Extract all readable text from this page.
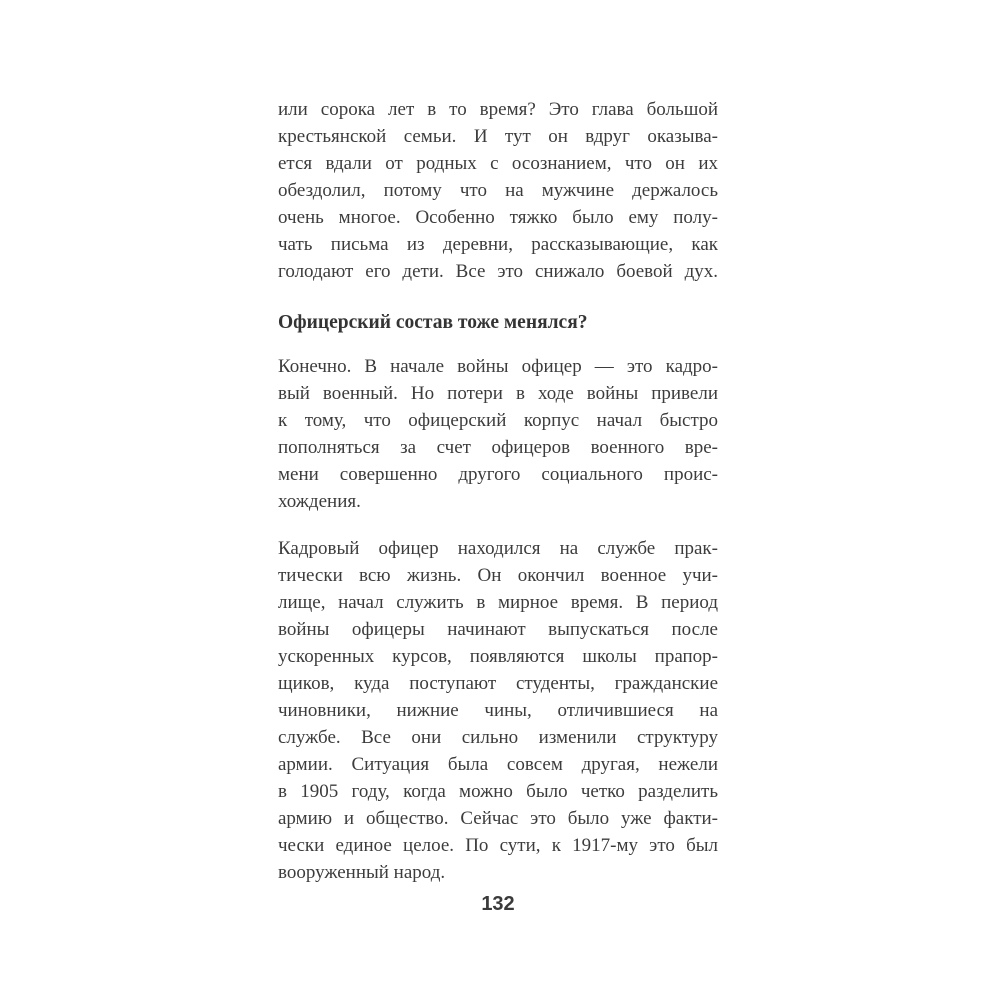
или сорока лет в то время? Это глава большой
крестьянской семьи. И тут он вдруг оказыва-
ется вдали от родных с осознанием, что он их
обездолил, потому что на мужчине держалось
очень многое. Особенно тяжко было ему полу-
чать письма из деревни, рассказывающие, как
голодают его дети. Все это снижало боевой дух.

Офицерский состав тоже менялся?

Конечно. В начале войны офицер — это кадро-
вый военный. Но потери в ходе войны привели
к тому, что офицерский корпус начал быстро
пополняться за счет офицеров военного вре-
мени совершенно другого социального проис-
хождения.

Кадровый офицер находился на службе прак-
тически всю жизнь. Он окончил военное учи-
лище, начал служить в мирное время. В период
войны офицеры начинают выпускаться после
ускоренных курсов, появляются школы прапор-
щиков, куда поступают студенты, гражданские
чиновники, нижние чины, отличившиеся на
службе. Все они сильно изменили структуру
армии. Ситуация была совсем другая, нежели
в 1905 году, когда можно было четко разделить
армию и общество. Сейчас это было уже факти-
чески единое целое. По сути, к 1917-му это был
вооруженный народ.

132
